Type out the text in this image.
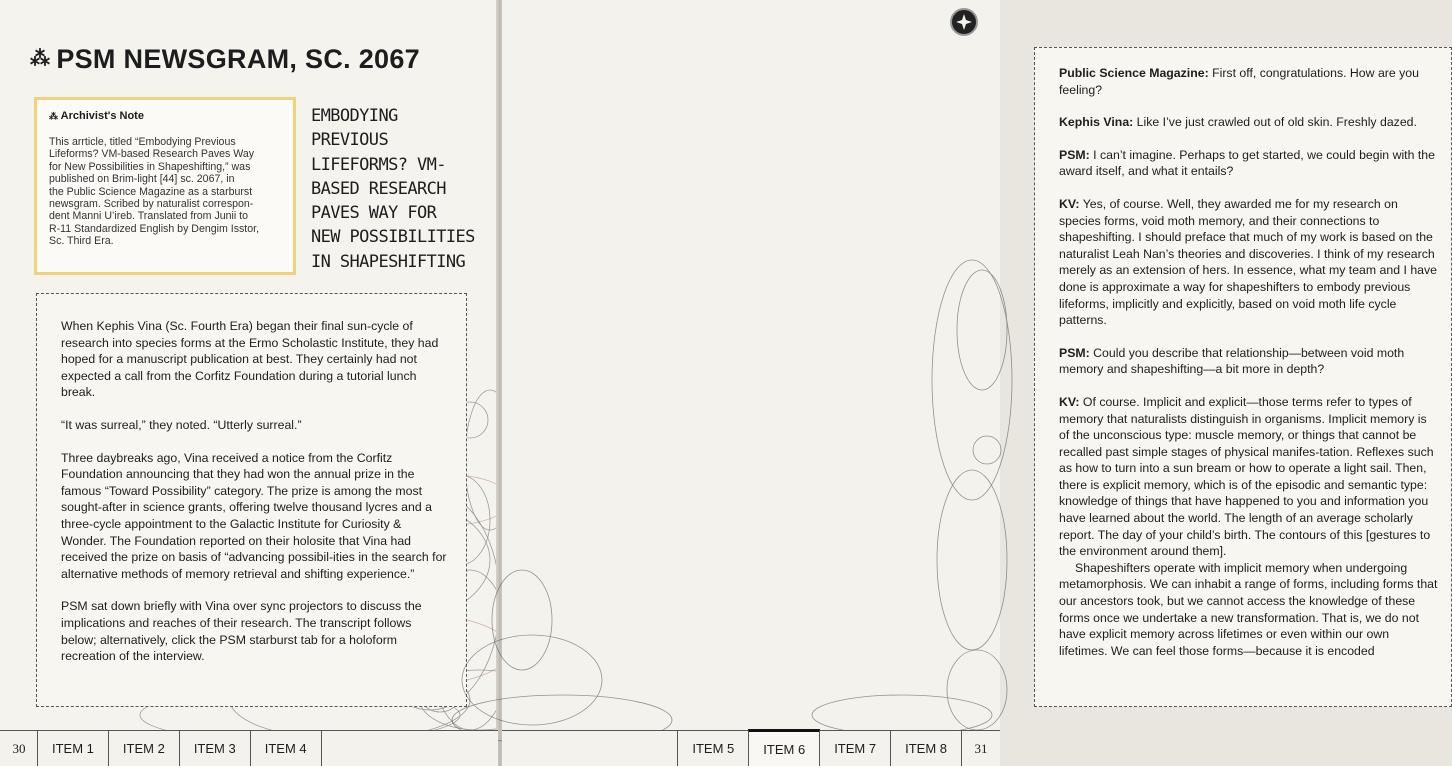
⁂ PSM NEWSGRAM, SC. 2067
⁂ Archivist's Note
This arrticle, titled “Embodying Previous
Lifeforms? VM-based Research Paves Way
for New Possibilities in Shapeshifting,” was
published on Brim-light [44] sc. 2067, in
the Public Science Magazine as a starburst
newsgram. Scribed by naturalist correspon-
dent Manni U’ireb. Translated from Junii to
R-11 Standardized English by Dengim Isstor,
Sc. Third Era.
EMBODYING
PREVIOUS
LIFEFORMS? VM-
BASED RESEARCH
PAVES WAY FOR
NEW POSSIBILITIES
IN SHAPESHIFTING

When Kephis Vina (Sc. Fourth Era) began their final sun-cycle of research into species forms at the Ermo Scholastic Institute, they had hoped for a manuscript publication at best. They certainly had not expected a call from the Corfitz Foundation during a tutorial lunch break.

“It was surreal,” they noted. “Utterly surreal.”

Three daybreaks ago, Vina received a notice from the Corfitz Foundation announcing that they had won the annual prize in the famous “Toward Possibility” category. The prize is among the most sought-after in science grants, offering twelve thousand lycres and a three-cycle appointment to the Galactic Institute for Curiosity & Wonder. The Foundation reported on their holosite that Vina had received the prize on basis of “advancing possibil-ities in the search for alternative methods of memory retrieval and shifting experience.”

PSM sat down briefly with Vina over sync projectors to discuss the implications and reaches of their research. The transcript follows below; alternatively, click the PSM starburst tab for a holoform recreation of the interview.

Public Science Magazine: First off, congratulations. How are you feeling?

Kephis Vina: Like I’ve just crawled out of old skin. Freshly dazed.

PSM: I can’t imagine. Perhaps to get started, we could begin with the award itself, and what it entails?

KV: Yes, of course. Well, they awarded me for my research on species forms, void moth memory, and their connections to shapeshifting. I should preface that much of my work is based on the naturalist Leah Nan’s theories and discoveries. I think of my research merely as an extension of hers. In essence, what my team and I have done is approximate a way for shapeshifters to embody previous lifeforms, implicitly and explicitly, based on void moth life cycle patterns.

PSM: Could you describe that relationship—between void moth memory and shapeshifting—a bit more in depth?

KV: Of course. Implicit and explicit—those terms refer to types of memory that naturalists distinguish in organisms. Implicit memory is of the unconscious type: muscle memory, or things that cannot be recalled past simple stages of physical manifes-tation. Reflexes such as how to turn into a sun bream or how to operate a light sail. Then, there is explicit memory, which is of the episodic and semantic type: knowledge of things that have happened to you and information you have learned about the world. The length of an average scholarly report. The day of your child’s birth. The contours of this [gestures to the environment around them].

Shapeshifters operate with implicit memory when undergoing metamorphosis. We can inhabit a range of forms, including forms that our ancestors took, but we cannot access the knowledge of these forms once we undertake a new transformation. That is, we do not have explicit memory across lifetimes or even within our own lifetimes. We can feel those forms—because it is encoded

30	ITEM 1	ITEM 2	ITEM 3	ITEM 4	ITEM 5	ITEM 6	ITEM 7	ITEM 8	31
